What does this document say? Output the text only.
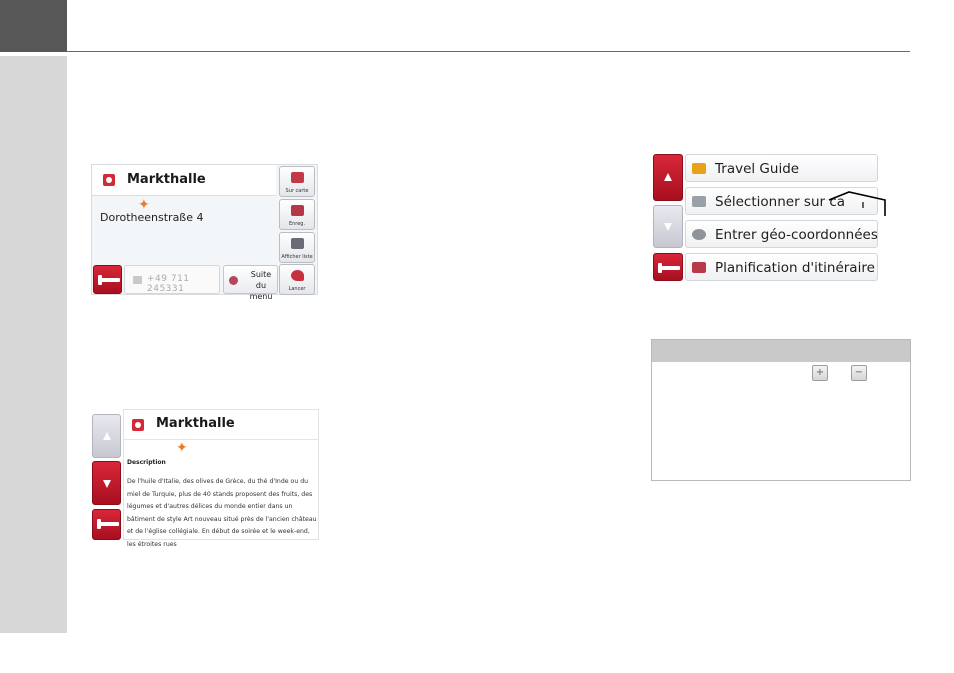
Markthalle
✦
Dorotheenstraße 4
Sur carte
Enreg.
Afficher liste
Lancer
+49 711 245331
Suite du
menu
Markthalle
✦
Description
De l'huile d'Italie, des olives de Grèce, du thé d'Inde ou du miel de Turquie, plus de 40 stands proposent des fruits, des légumes et d'autres délices du monde entier dans un bâtiment de style Art nouveau situé près de l'ancien château et de l'église collégiale. En début de soirée et le week-end, les étroites rues
Travel Guide
Sélectionner sur ca
Entrer géo-coordonnées
Planification d'itinéraire
+	−
